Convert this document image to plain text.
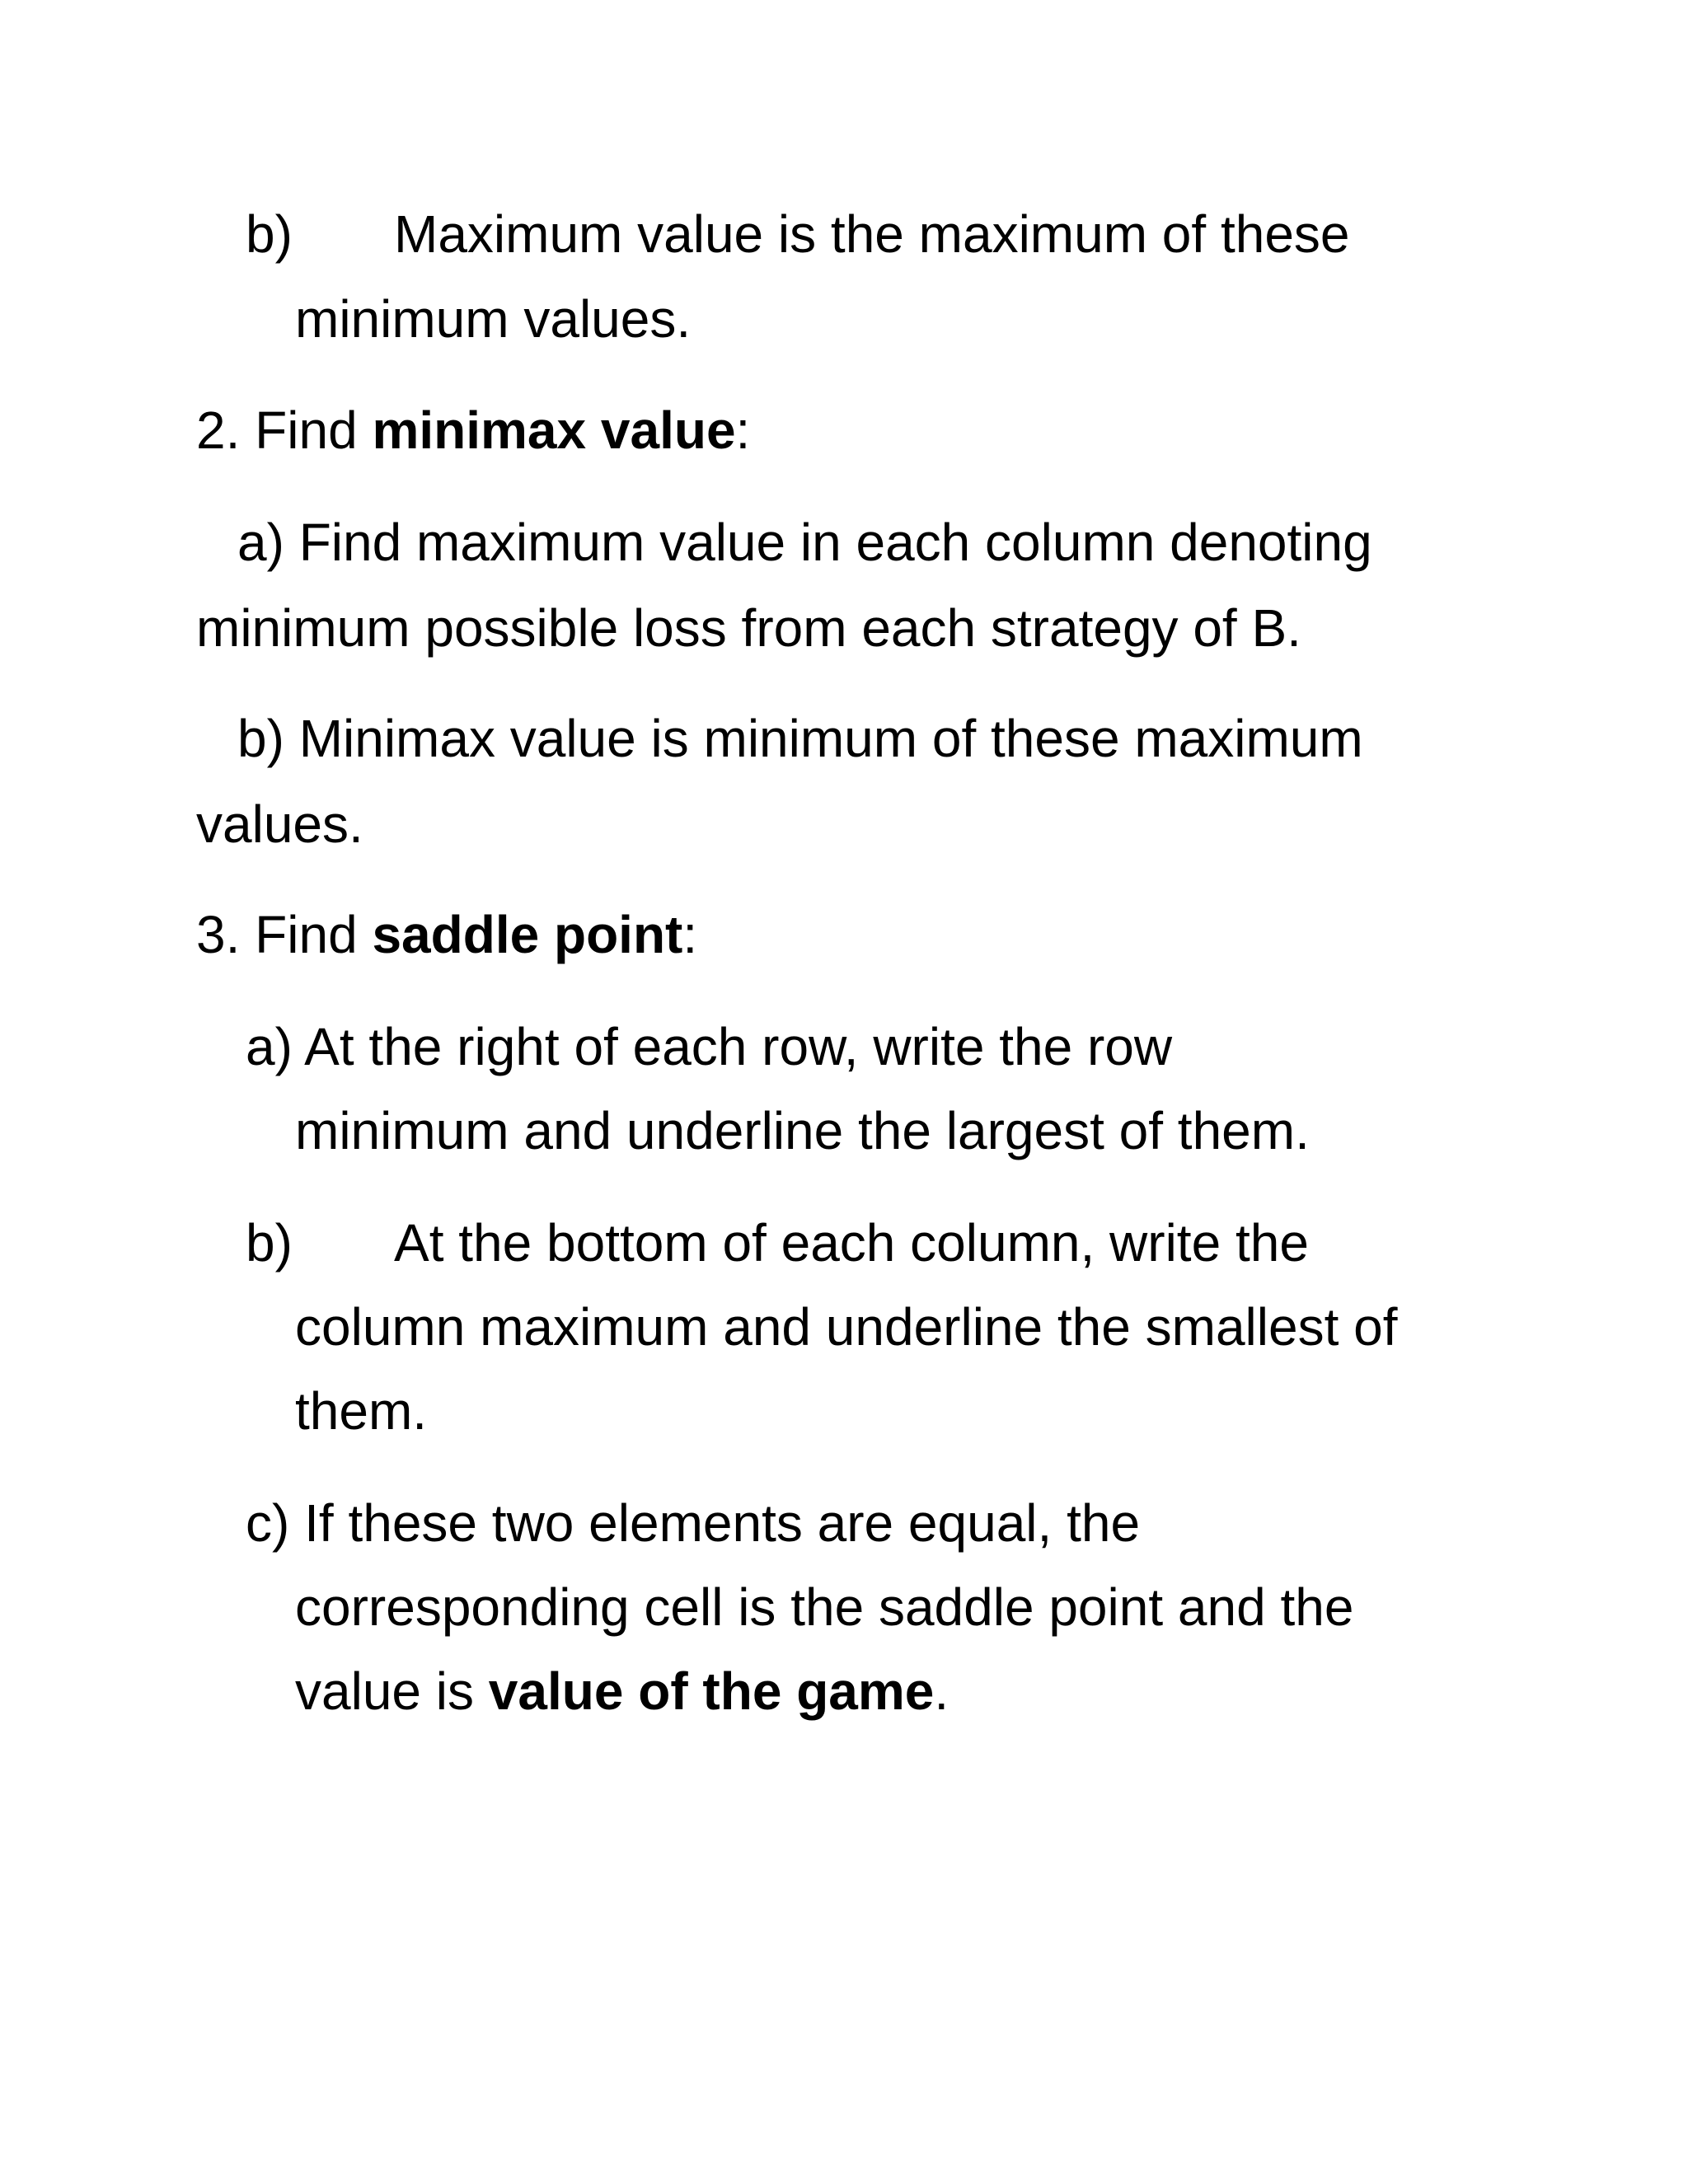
b) Maximum value is the maximum of these
minimum values.
2. Find minimax value:
a) Find maximum value in each column denoting
minimum possible loss from each strategy of B.
b) Minimax value is minimum of these maximum
values.
3. Find saddle point:
a) At the right of each row, write the row
minimum and underline the largest of them.
b) At the bottom of each column, write the
column maximum and underline the smallest of
them.
c) If these two elements are equal, the
corresponding cell is the saddle point and the
value is value of the game.
